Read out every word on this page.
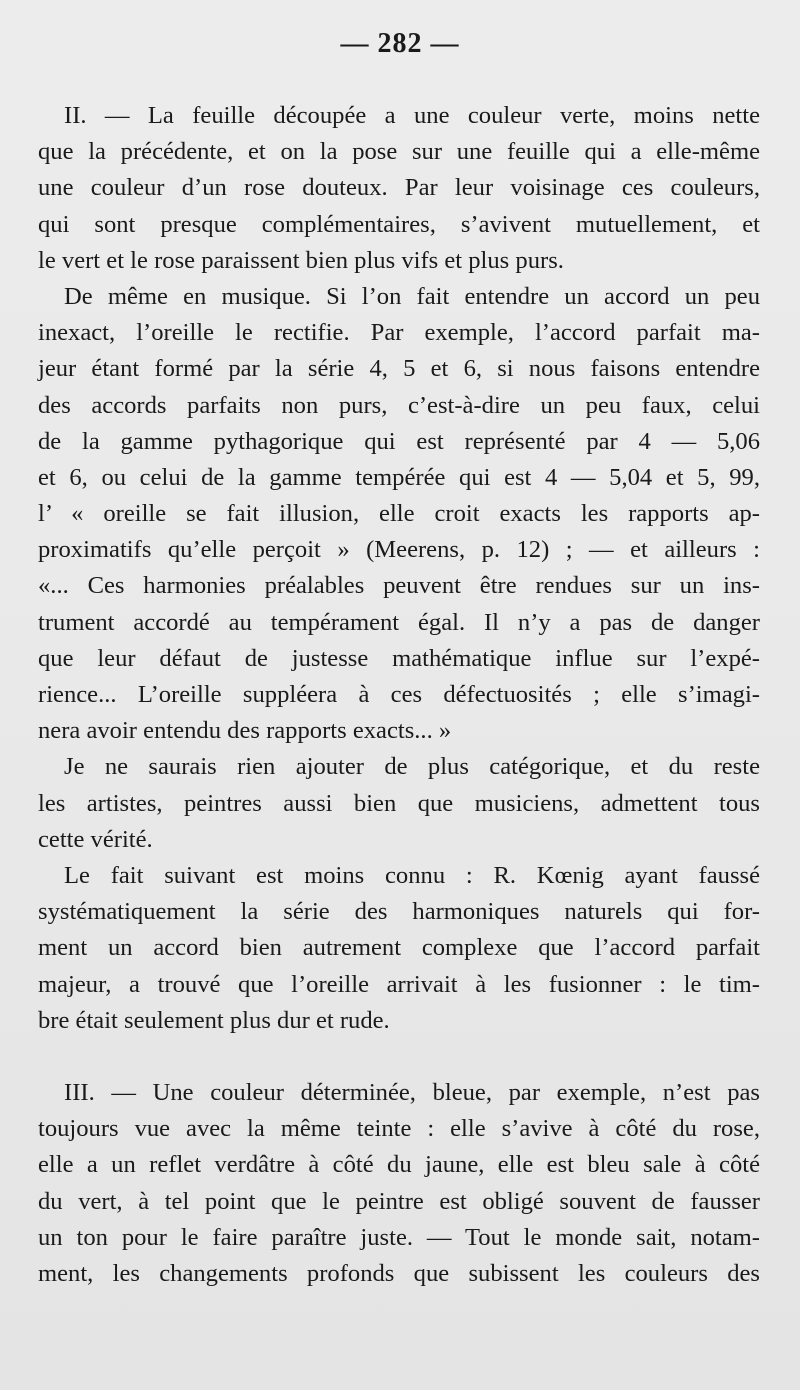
— 282 —
II. — La feuille découpée a une couleur verte, moins nette
que la précédente, et on la pose sur une feuille qui a elle-même
une couleur d’un rose douteux. Par leur voisinage ces couleurs,
qui sont presque complémentaires, s’avivent mutuellement, et
le vert et le rose paraissent bien plus vifs et plus purs.
De même en musique. Si l’on fait entendre un accord un peu
inexact, l’oreille le rectifie. Par exemple, l’accord parfait ma-
jeur étant formé par la série 4, 5 et 6, si nous faisons entendre
des accords parfaits non purs, c’est-à-dire un peu faux, celui
de la gamme pythagorique qui est représenté par 4 — 5,06
et 6, ou celui de la gamme tempérée qui est 4 — 5,04 et 5, 99,
l’ « oreille se fait illusion, elle croit exacts les rapports ap-
proximatifs qu’elle perçoit » (Meerens, p. 12) ; — et ailleurs :
«... Ces harmonies préalables peuvent être rendues sur un ins-
trument accordé au tempérament égal. Il n’y a pas de danger
que leur défaut de justesse mathématique influe sur l’expé-
rience... L’oreille suppléera à ces défectuosités ; elle s’imagi-
nera avoir entendu des rapports exacts... »
Je ne saurais rien ajouter de plus catégorique, et du reste
les artistes, peintres aussi bien que musiciens, admettent tous
cette vérité.
Le fait suivant est moins connu : R. Kœnig ayant faussé
systématiquement la série des harmoniques naturels qui for-
ment un accord bien autrement complexe que l’accord parfait
majeur, a trouvé que l’oreille arrivait à les fusionner : le tim-
bre était seulement plus dur et rude.
III. — Une couleur déterminée, bleue, par exemple, n’est pas
toujours vue avec la même teinte : elle s’avive à côté du rose,
elle a un reflet verdâtre à côté du jaune, elle est bleu sale à côté
du vert, à tel point que le peintre est obligé souvent de fausser
un ton pour le faire paraître juste. — Tout le monde sait, notam-
ment, les changements profonds que subissent les couleurs des
